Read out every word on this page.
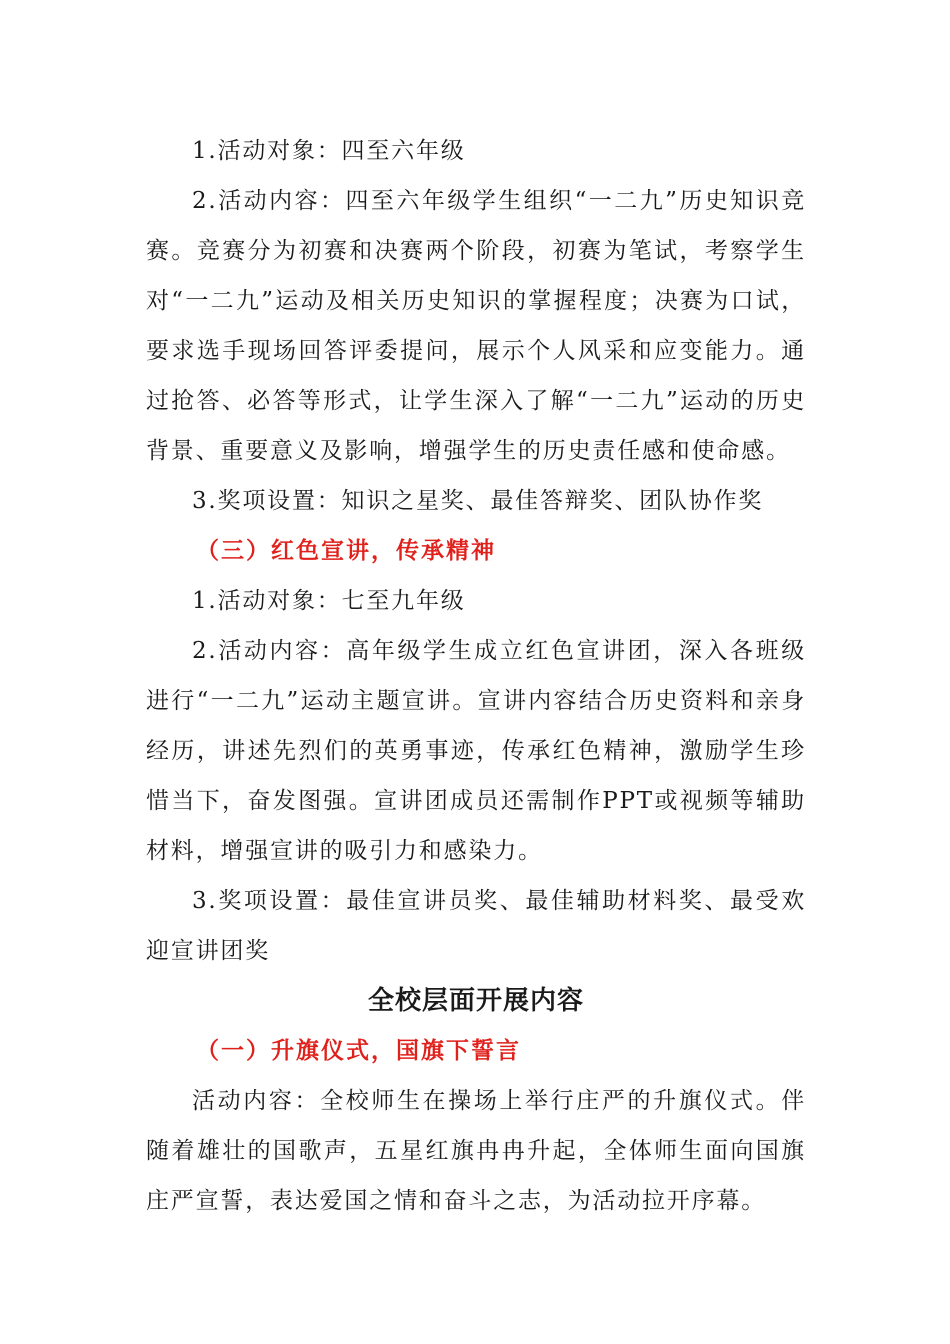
1.活动对象：四至六年级

2.活动内容：四至六年级学生组织“一二九”历史知识竞赛。竞赛分为初赛和决赛两个阶段，初赛为笔试，考察学生对“一二九”运动及相关历史知识的掌握程度；决赛为口试，要求选手现场回答评委提问，展示个人风采和应变能力。通过抢答、必答等形式，让学生深入了解“一二九”运动的历史背景、重要意义及影响，增强学生的历史责任感和使命感。

3.奖项设置：知识之星奖、最佳答辩奖、团队协作奖

（三）红色宣讲，传承精神

1.活动对象：七至九年级

2.活动内容：高年级学生成立红色宣讲团，深入各班级进行“一二九”运动主题宣讲。宣讲内容结合历史资料和亲身经历，讲述先烈们的英勇事迹，传承红色精神，激励学生珍惜当下，奋发图强。宣讲团成员还需制作PPT或视频等辅助材料，增强宣讲的吸引力和感染力。

3.奖项设置：最佳宣讲员奖、最佳辅助材料奖、最受欢迎宣讲团奖

全校层面开展内容

（一）升旗仪式，国旗下誓言

活动内容：全校师生在操场上举行庄严的升旗仪式。伴随着雄壮的国歌声，五星红旗冉冉升起，全体师生面向国旗庄严宣誓，表达爱国之情和奋斗之志，为活动拉开序幕。
